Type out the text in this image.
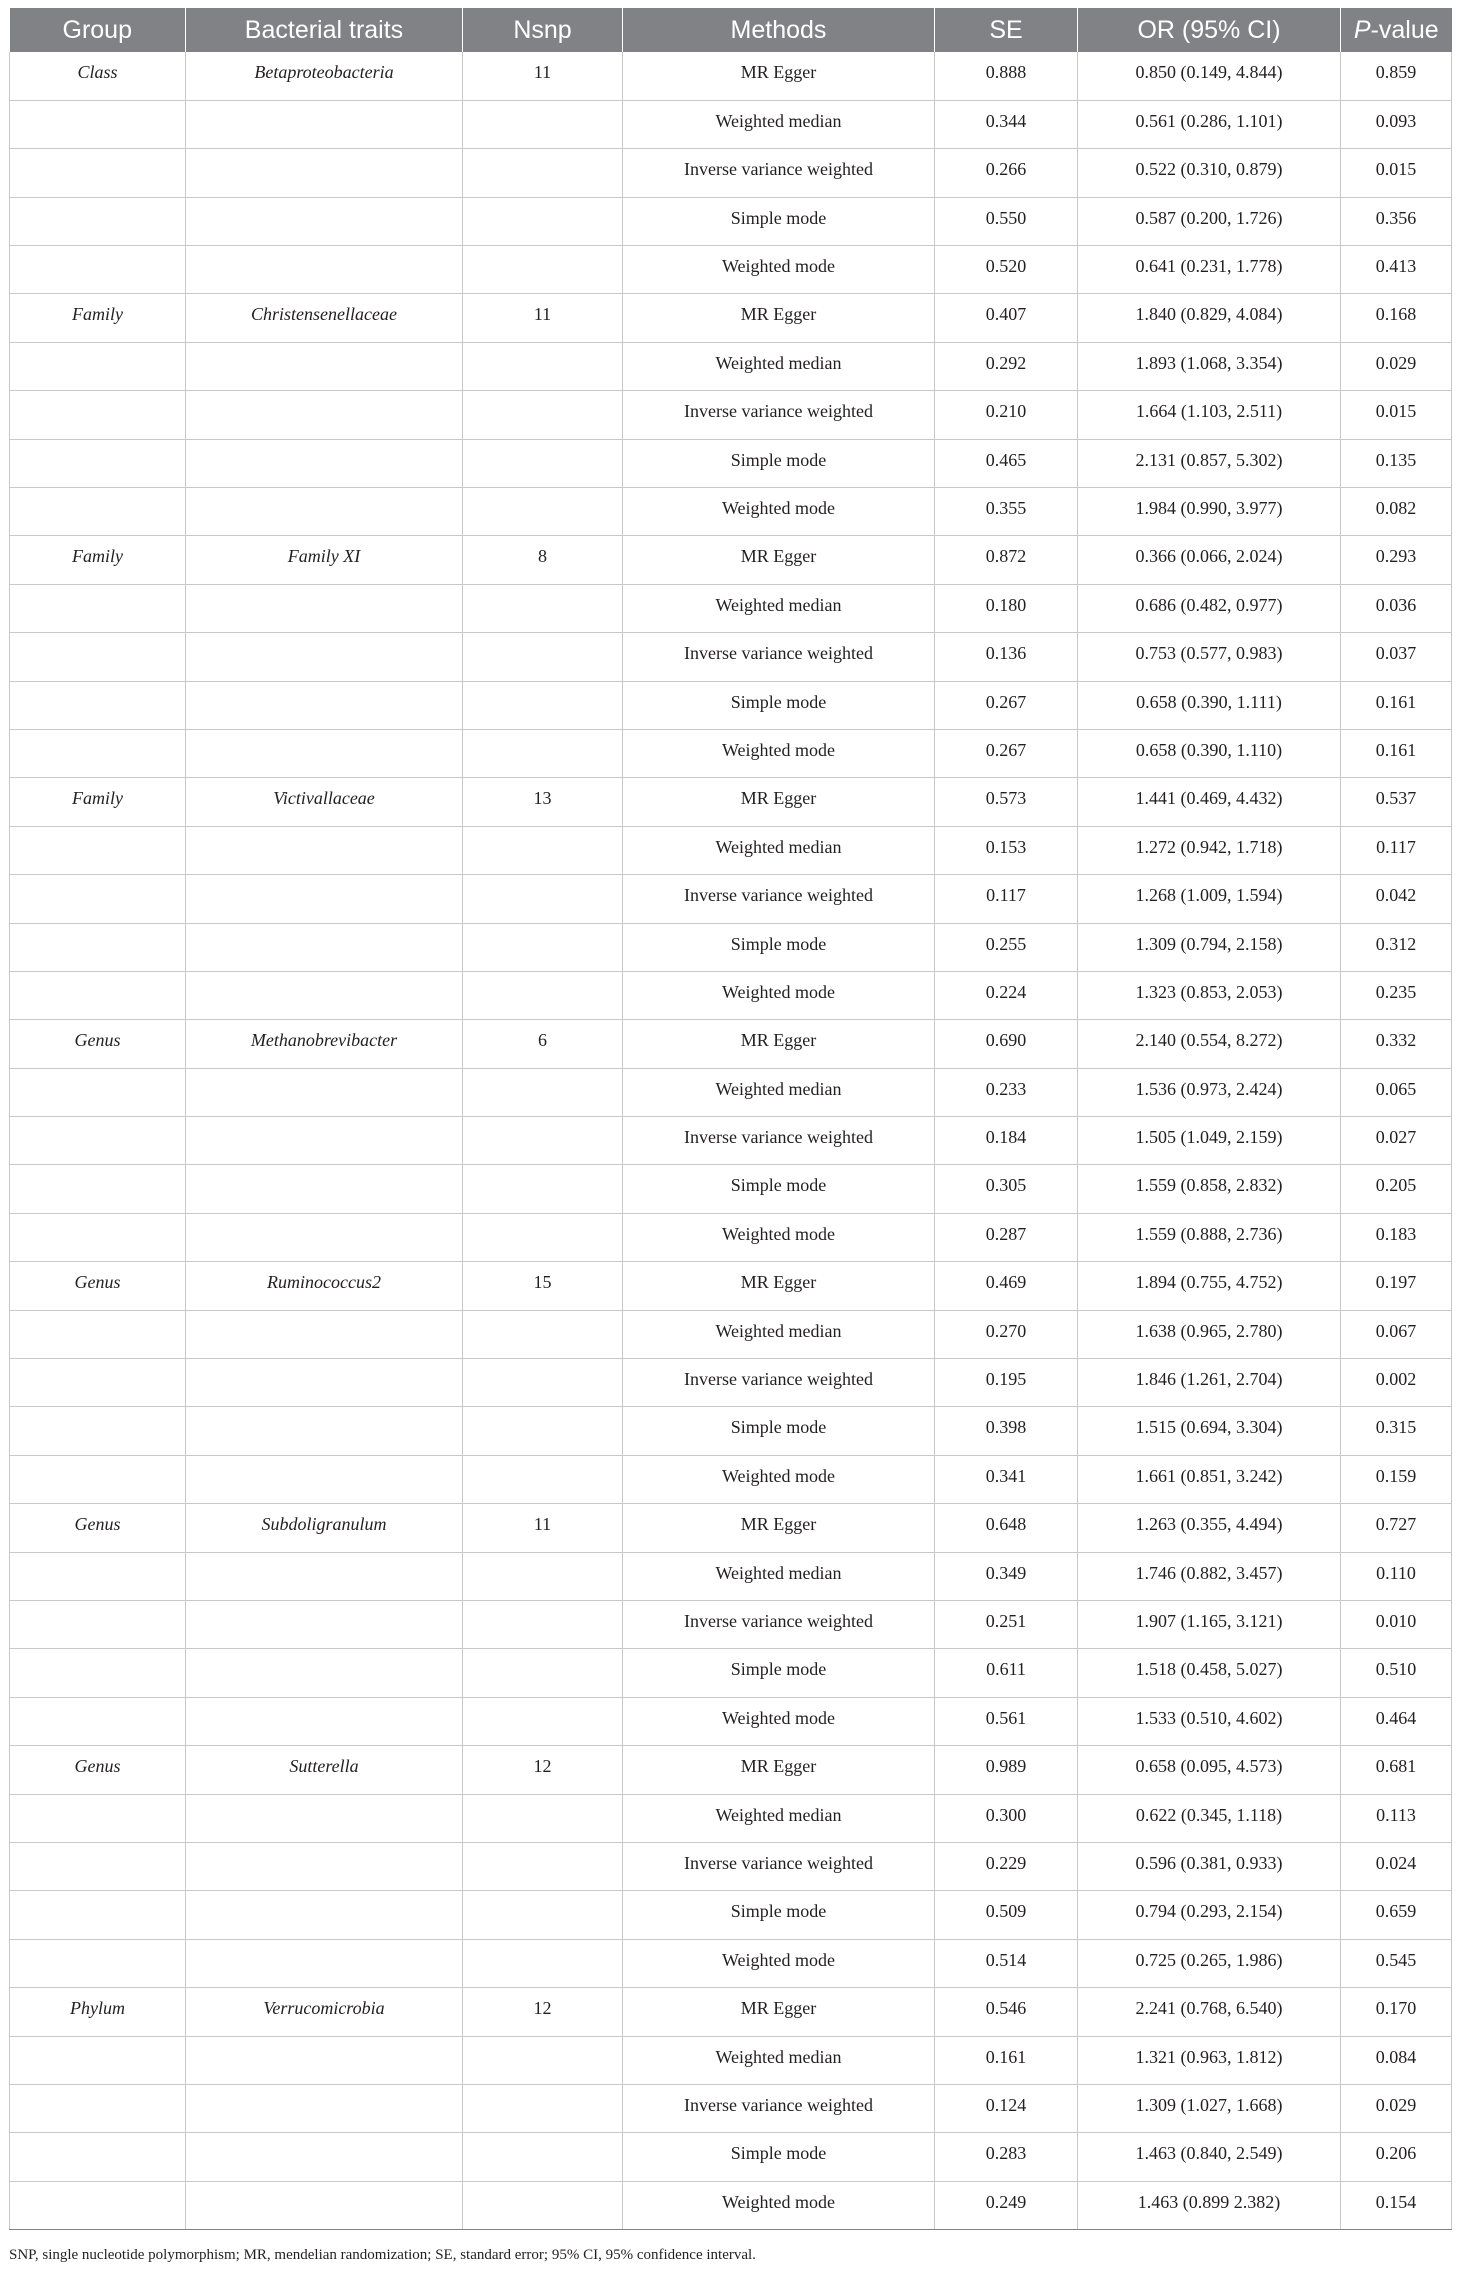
Group	Bacterial traits	Nsnp	Methods	SE	OR (95% CI)	P-value
Class	Betaproteobacteria	11	MR Egger	0.888	0.850 (0.149, 4.844)	0.859
			Weighted median	0.344	0.561 (0.286, 1.101)	0.093
			Inverse variance weighted	0.266	0.522 (0.310, 0.879)	0.015
			Simple mode	0.550	0.587 (0.200, 1.726)	0.356
			Weighted mode	0.520	0.641 (0.231, 1.778)	0.413
Family	Christensenellaceae	11	MR Egger	0.407	1.840 (0.829, 4.084)	0.168
			Weighted median	0.292	1.893 (1.068, 3.354)	0.029
			Inverse variance weighted	0.210	1.664 (1.103, 2.511)	0.015
			Simple mode	0.465	2.131 (0.857, 5.302)	0.135
			Weighted mode	0.355	1.984 (0.990, 3.977)	0.082
Family	Family XI	8	MR Egger	0.872	0.366 (0.066, 2.024)	0.293
			Weighted median	0.180	0.686 (0.482, 0.977)	0.036
			Inverse variance weighted	0.136	0.753 (0.577, 0.983)	0.037
			Simple mode	0.267	0.658 (0.390, 1.111)	0.161
			Weighted mode	0.267	0.658 (0.390, 1.110)	0.161
Family	Victivallaceae	13	MR Egger	0.573	1.441 (0.469, 4.432)	0.537
			Weighted median	0.153	1.272 (0.942, 1.718)	0.117
			Inverse variance weighted	0.117	1.268 (1.009, 1.594)	0.042
			Simple mode	0.255	1.309 (0.794, 2.158)	0.312
			Weighted mode	0.224	1.323 (0.853, 2.053)	0.235
Genus	Methanobrevibacter	6	MR Egger	0.690	2.140 (0.554, 8.272)	0.332
			Weighted median	0.233	1.536 (0.973, 2.424)	0.065
			Inverse variance weighted	0.184	1.505 (1.049, 2.159)	0.027
			Simple mode	0.305	1.559 (0.858, 2.832)	0.205
			Weighted mode	0.287	1.559 (0.888, 2.736)	0.183
Genus	Ruminococcus2	15	MR Egger	0.469	1.894 (0.755, 4.752)	0.197
			Weighted median	0.270	1.638 (0.965, 2.780)	0.067
			Inverse variance weighted	0.195	1.846 (1.261, 2.704)	0.002
			Simple mode	0.398	1.515 (0.694, 3.304)	0.315
			Weighted mode	0.341	1.661 (0.851, 3.242)	0.159
Genus	Subdoligranulum	11	MR Egger	0.648	1.263 (0.355, 4.494)	0.727
			Weighted median	0.349	1.746 (0.882, 3.457)	0.110
			Inverse variance weighted	0.251	1.907 (1.165, 3.121)	0.010
			Simple mode	0.611	1.518 (0.458, 5.027)	0.510
			Weighted mode	0.561	1.533 (0.510, 4.602)	0.464
Genus	Sutterella	12	MR Egger	0.989	0.658 (0.095, 4.573)	0.681
			Weighted median	0.300	0.622 (0.345, 1.118)	0.113
			Inverse variance weighted	0.229	0.596 (0.381, 0.933)	0.024
			Simple mode	0.509	0.794 (0.293, 2.154)	0.659
			Weighted mode	0.514	0.725 (0.265, 1.986)	0.545
Phylum	Verrucomicrobia	12	MR Egger	0.546	2.241 (0.768, 6.540)	0.170
			Weighted median	0.161	1.321 (0.963, 1.812)	0.084
			Inverse variance weighted	0.124	1.309 (1.027, 1.668)	0.029
			Simple mode	0.283	1.463 (0.840, 2.549)	0.206
			Weighted mode	0.249	1.463 (0.899 2.382)	0.154
SNP, single nucleotide polymorphism; MR, mendelian randomization; SE, standard error; 95% CI, 95% confidence interval.
